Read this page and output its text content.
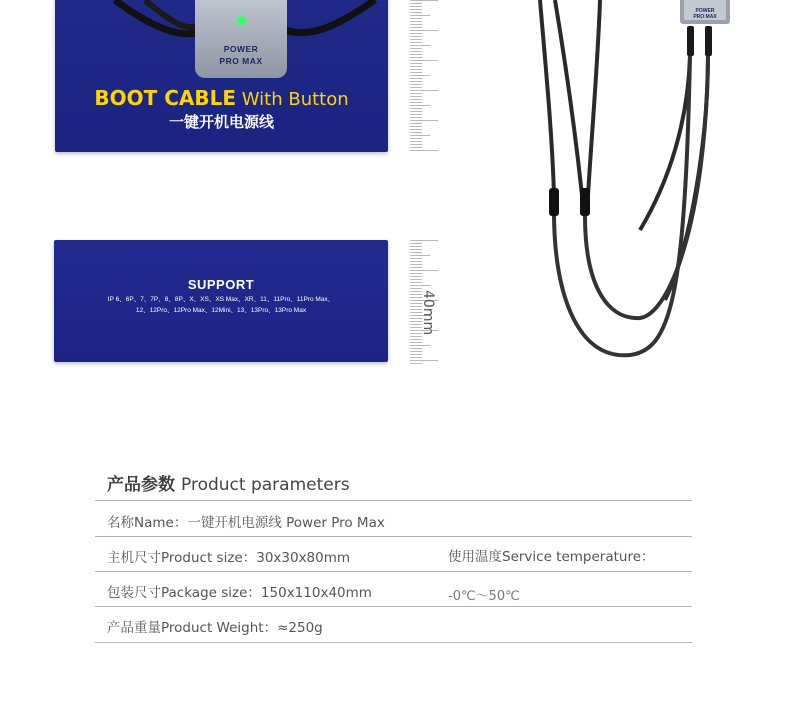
POWER
PRO MAX
BOOT CABLE With Button
一键开机电源线
SUPPORT
IP 6、6P、7、7P、8、8P、X、XS、XS Max、XR、11、11Pro、11Pro Max、
12、12Pro、12Pro Max、12Mini、13、13Pro、13Pro Max	40mm
POWER
PRO MAX
产品参数 Product parameters
名称Name：一键开机电源线 Power Pro Max
主机尺寸Product size：30x30x80mm	使用温度Service temperature：
包装尺寸Package size：150x110x40mm	-0℃～50℃
产品重量Product Weight：≈250g
